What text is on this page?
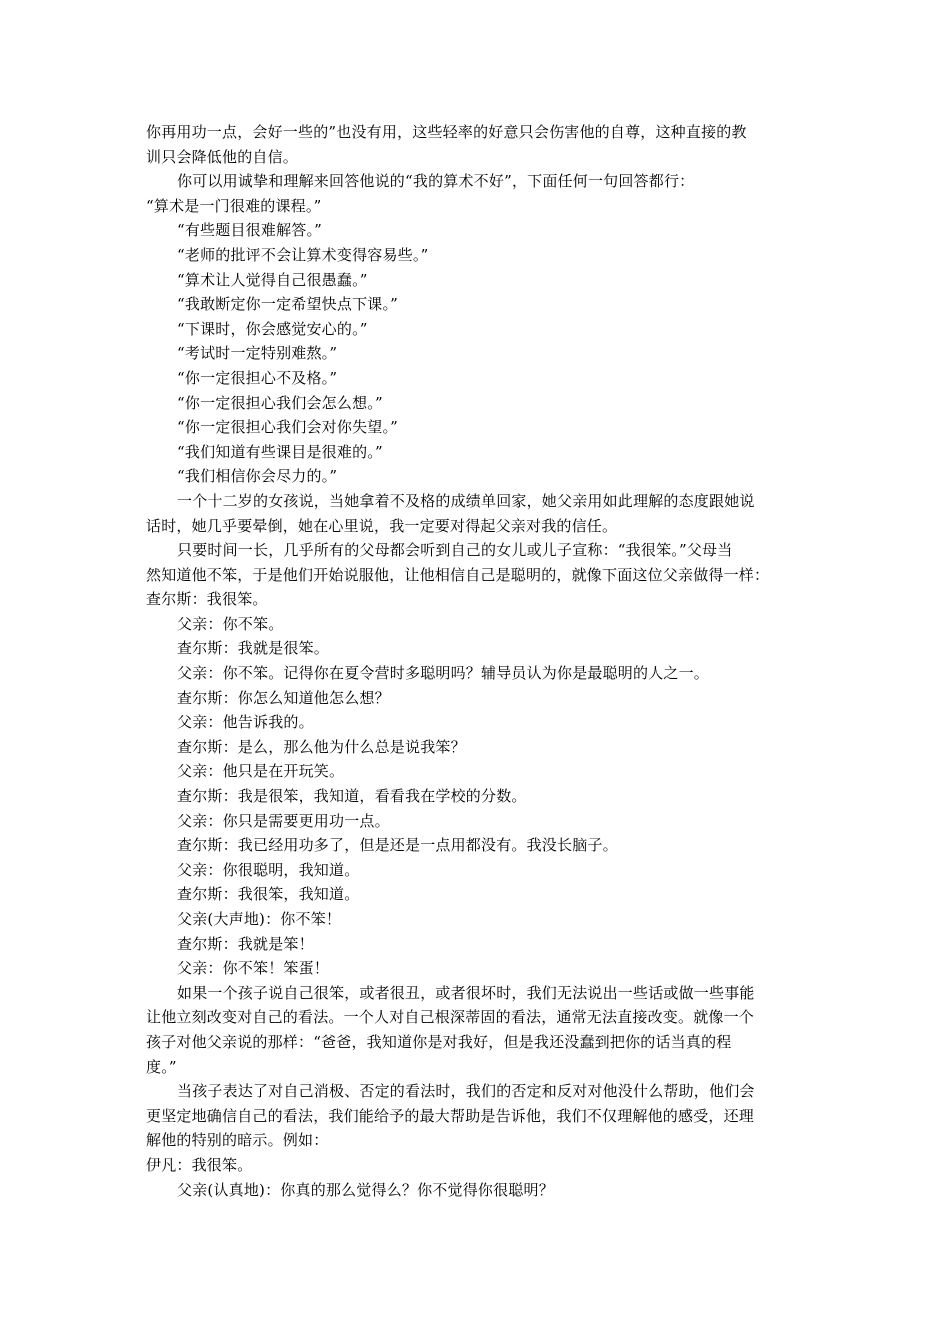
你再用功一点，会好一些的”也没有用，这些轻率的好意只会伤害他的自尊，这种直接的教
训只会降低他的自信。
你可以用诚挚和理解来回答他说的“我的算术不好”，下面任何一句回答都行：
“算术是一门很难的课程。”
“有些题目很难解答。”
“老师的批评不会让算术变得容易些。”
“算术让人觉得自己很愚蠢。”
“我敢断定你一定希望快点下课。”
“下课时，你会感觉安心的。”
“考试时一定特别难熬。”
“你一定很担心不及格。”
“你一定很担心我们会怎么想。”
“你一定很担心我们会对你失望。”
“我们知道有些课目是很难的。”
“我们相信你会尽力的。”
一个十二岁的女孩说，当她拿着不及格的成绩单回家，她父亲用如此理解的态度跟她说
话时，她几乎要晕倒，她在心里说，我一定要对得起父亲对我的信任。
只要时间一长，几乎所有的父母都会听到自己的女儿或儿子宣称：“我很笨。”父母当
然知道他不笨，于是他们开始说服他，让他相信自己是聪明的，就像下面这位父亲做得一样：
查尔斯：我很笨。
父亲：你不笨。
查尔斯：我就是很笨。
父亲：你不笨。记得你在夏令营时多聪明吗？辅导员认为你是最聪明的人之一。
查尔斯：你怎么知道他怎么想？
父亲：他告诉我的。
查尔斯：是么，那么他为什么总是说我笨？
父亲：他只是在开玩笑。
查尔斯：我是很笨，我知道，看看我在学校的分数。
父亲：你只是需要更用功一点。
查尔斯：我已经用功多了，但是还是一点用都没有。我没长脑子。
父亲：你很聪明，我知道。
查尔斯：我很笨，我知道。
父亲(大声地)：你不笨！
查尔斯：我就是笨！
父亲：你不笨！笨蛋！
如果一个孩子说自己很笨，或者很丑，或者很坏时，我们无法说出一些话或做一些事能
让他立刻改变对自己的看法。一个人对自己根深蒂固的看法，通常无法直接改变。就像一个
孩子对他父亲说的那样：“爸爸，我知道你是对我好，但是我还没蠢到把你的话当真的程
度。”
当孩子表达了对自己消极、否定的看法时，我们的否定和反对对他没什么帮助，他们会
更坚定地确信自己的看法，我们能给予的最大帮助是告诉他，我们不仅理解他的感受，还理
解他的特别的暗示。例如：
伊凡：我很笨。
父亲(认真地)：你真的那么觉得么？你不觉得你很聪明？
